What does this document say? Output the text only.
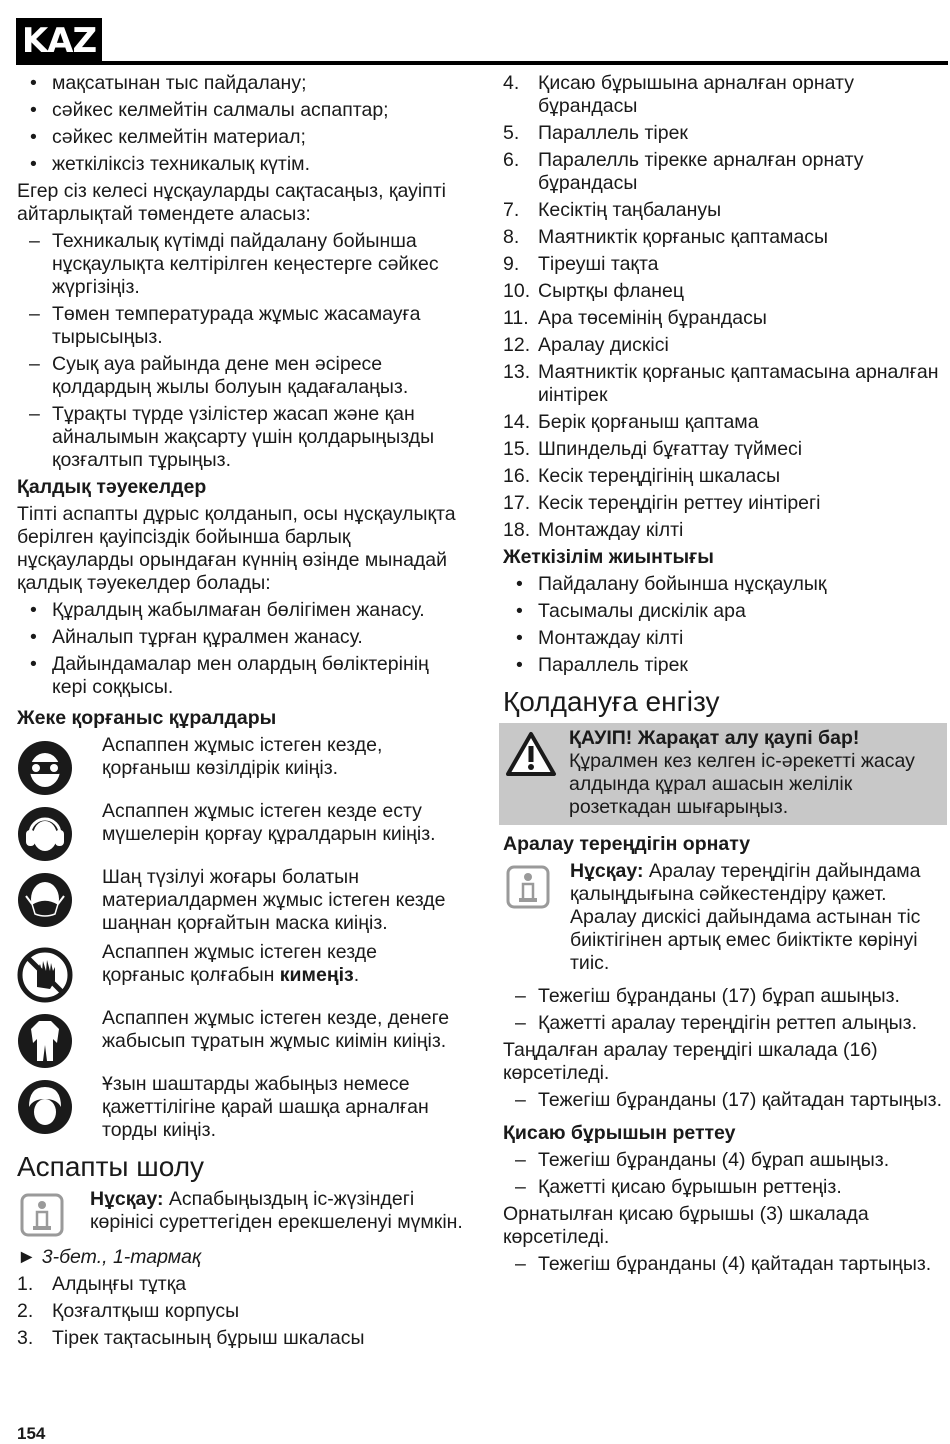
KAZ
• мақсатынан тыс пайдалану;
• сәйкес келмейтін салмалы аспаптар;
• сәйкес келмейтін материал;
• жеткіліксіз техникалық күтім.
Егер сіз келесі нұсқауларды сақтасаңыз, қауіпті айтарлықтай төмендете аласыз:
– Техникалық күтімді пайдалану бойынша нұсқаулықта келтірілген кеңестерге сәйкес жүргізіңіз.
– Төмен температурада жұмыс жасамауға тырысыңыз.
– Суық ауа райында дене мен әсіресе қолдардың жылы болуын қадағалаңыз.
– Тұрақты түрде үзілістер жасап және қан айналымын жақсарту үшін қолдарыңызды қозғалтып тұрыңыз.
Қалдық тәуекелдер
Тіпті аспапты дұрыс қолданып, осы нұсқаулықта берілген қауіпсіздік бойынша барлық нұсқауларды орындаған күннің өзінде мынадай қалдық тәуекелдер болады:
• Құралдың жабылмаған бөлігімен жанасу.
• Айналып тұрған құралмен жанасу.
• Дайындамалар мен олардың бөліктерінің кері соққысы.
Жеке қорғаныс құралдары
Аспаппен жұмыс істеген кезде, қорғаныш көзілдірік киіңіз.
Аспаппен жұмыс істеген кезде есту мүшелерін қорғау құралдарын киіңіз.
Шаң түзілуі жоғары болатын материалдармен жұмыс істеген кезде шаңнан қорғайтын маска киіңіз.
Аспаппен жұмыс істеген кезде қорғаныс қолғабын кимеңіз.
Аспаппен жұмыс істеген кезде, денеге жабысып тұратын жұмыс киімін киіңіз.
Ұзын шаштарды жабыңыз немесе қажеттілігіне қарай шашқа арналған торды киіңіз.
Аспапты шолу
Нұсқау: Аспабыңыздың іс-жүзіндегі көрінісі суреттегіден ерекшеленуі мүмкін.
► 3-бет., 1-тармақ
1. Алдыңғы тұтқа
2. Қозғалтқыш корпусы
3. Тірек тақтасының бұрыш шкаласы
4. Қисаю бұрышына арналған орнату бұрандасы
5. Параллель тірек
6. Паралелль тірекке арналған орнату бұрандасы
7. Кесіктің таңбалануы
8. Маятниктік қорғаныс қаптамасы
9. Тіреуші тақта
10. Сыртқы фланец
11. Ара төсемінің бұрандасы
12. Аралау дискісі
13. Маятниктік қорғаныс қаптамасына арналған иінтірек
14. Берік қорғаныш қаптама
15. Шпиндельді бұғаттау түймесі
16. Кесік тереңдігінің шкаласы
17. Кесік тереңдігін реттеу иінтірегі
18. Монтаждау кілті
Жеткізілім жиынтығы
• Пайдалану бойынша нұсқаулық
• Тасымалы дискілік ара
• Монтаждау кілті
• Параллель тірек
Қолдануға енгізу
ҚАУІП! Жарақат алу қаупі бар!
Құралмен кез келген іс-әрекетті жасау алдында құрал ашасын желілік розеткадан шығарыңыз.
Аралау тереңдігін орнату
Нұсқау: Аралау тереңдігін дайындама қалыңдығына сәйкестендіру қажет. Аралау дискісі дайындама астынан тіс биіктігінен артық емес биіктікте көрінуі тиіс.
– Тежегіш бұранданы (17) бұрап ашыңыз.
– Қажетті аралау тереңдігін реттеп алыңыз.
Таңдалған аралау тереңдігі шкалада (16) көрсетіледі.
– Тежегіш бұранданы (17) қайтадан тартыңыз.
Қисаю бұрышын реттеу
– Тежегіш бұранданы (4) бұрап ашыңыз.
– Қажетті қисаю бұрышын реттеңіз.
Орнатылған қисаю бұрышы (3) шкалада көрсетіледі.
– Тежегіш бұранданы (4) қайтадан тартыңыз.
154
